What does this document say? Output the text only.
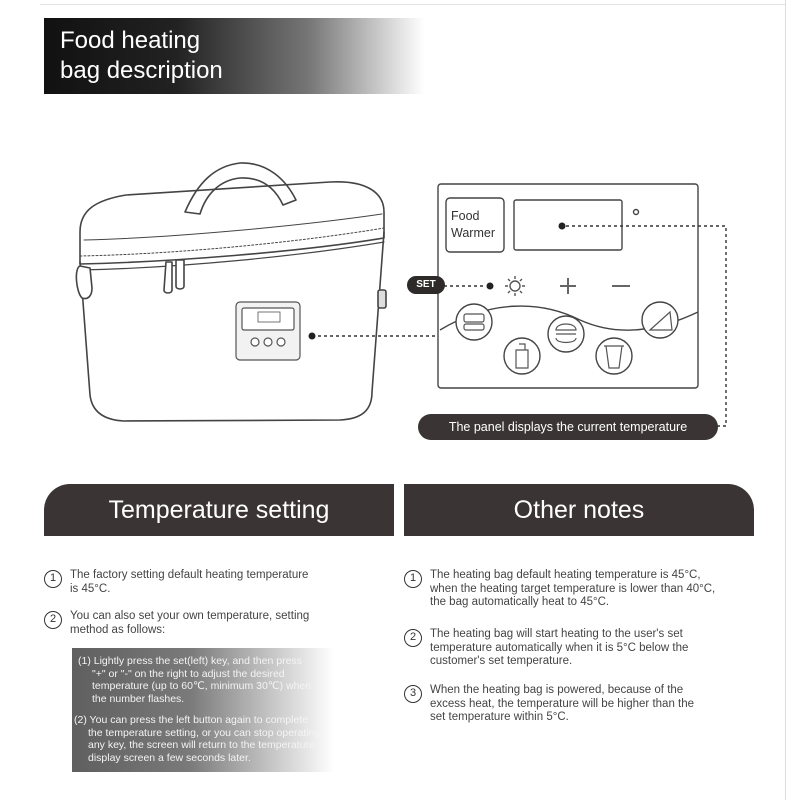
Food heating
bag description
Food
Warmer
SET
The panel displays the current temperature
Temperature setting	Other notes
1	The factory setting default heating temperature
is 45°C.
2	You can also set your own temperature, setting
method as follows:
(1) Lightly press the set(left) key, and then press
"+" or "-" on the right to adjust the desired
temperature (up to 60℃, minimum 30℃) when
the number flashes.
(2) You can press the left button again to complete
the temperature setting, or you can stop operating
any key, the screen will return to the temperature
display screen a few seconds later.
1	The heating bag default heating temperature is 45°C,
when the heating target temperature is lower than 40°C,
the bag automatically heat to 45°C.
2	The heating bag will start heating to the user's set
temperature automatically when it is 5°C below the
customer's set temperature.
3	When the heating bag is powered, because of the
excess heat, the temperature will be higher than the
set temperature within 5°C.
